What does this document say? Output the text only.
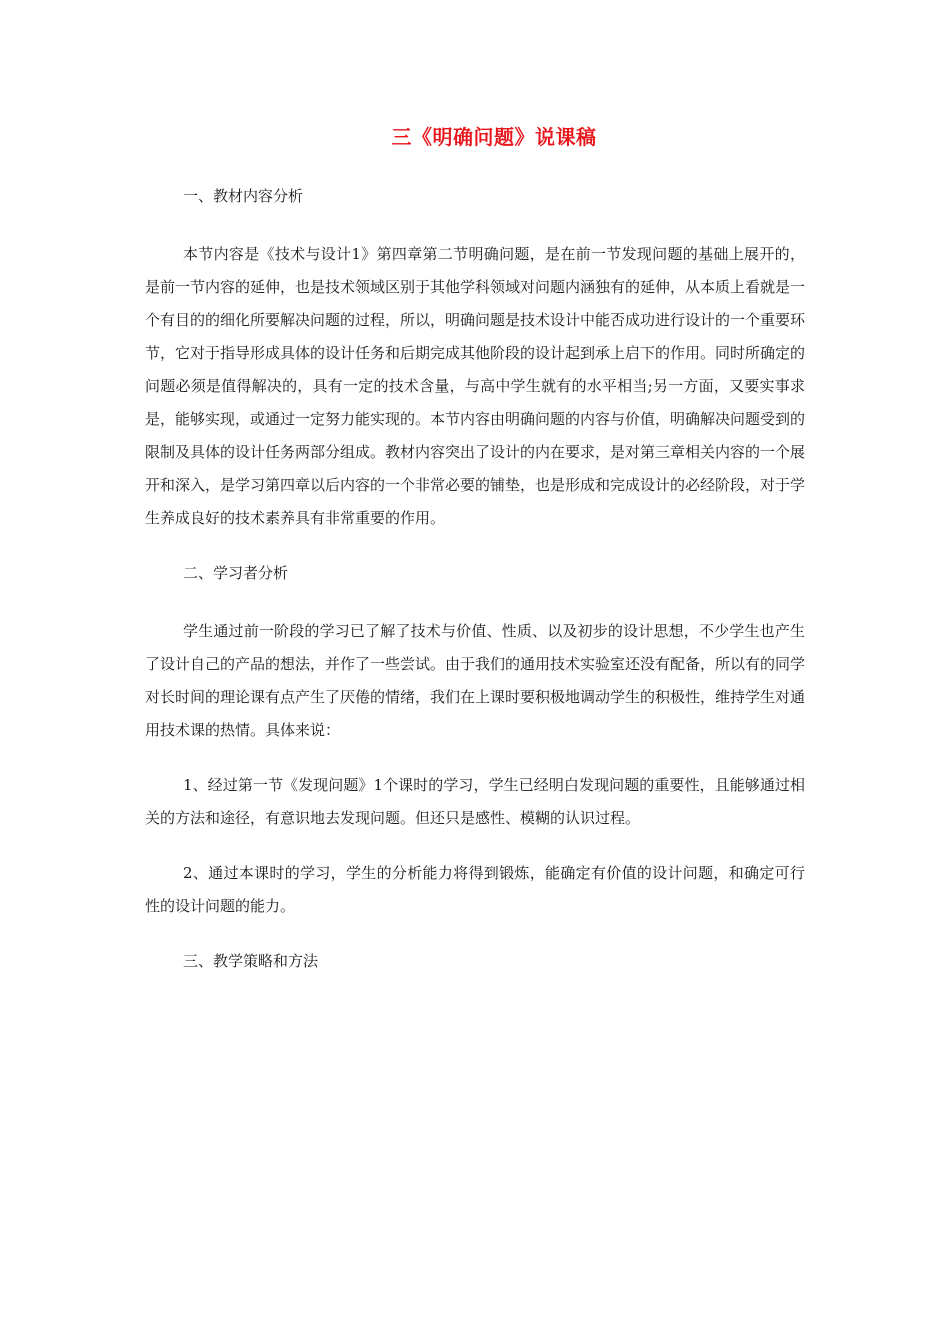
三《明确问题》说课稿

一、教材内容分析

本节内容是《技术与设计1》第四章第二节明确问题，是在前一节发现问题的基础上展开的，是前一节内容的延伸，也是技术领域区别于其他学科领域对问题内涵独有的延伸，从本质上看就是一个有目的的细化所要解决问题的过程，所以，明确问题是技术设计中能否成功进行设计的一个重要环节，它对于指导形成具体的设计任务和后期完成其他阶段的设计起到承上启下的作用。同时所确定的问题必须是值得解决的，具有一定的技术含量，与高中学生就有的水平相当;另一方面，又要实事求是，能够实现，或通过一定努力能实现的。本节内容由明确问题的内容与价值，明确解决问题受到的限制及具体的设计任务两部分组成。教材内容突出了设计的内在要求，是对第三章相关内容的一个展开和深入，是学习第四章以后内容的一个非常必要的铺垫，也是形成和完成设计的必经阶段，对于学生养成良好的技术素养具有非常重要的作用。

二、学习者分析

学生通过前一阶段的学习已了解了技术与价值、性质、以及初步的设计思想，不少学生也产生了设计自己的产品的想法，并作了一些尝试。由于我们的通用技术实验室还没有配备，所以有的同学对长时间的理论课有点产生了厌倦的情绪，我们在上课时要积极地调动学生的积极性，维持学生对通用技术课的热情。具体来说：

1、经过第一节《发现问题》1个课时的学习，学生已经明白发现问题的重要性，且能够通过相关的方法和途径，有意识地去发现问题。但还只是感性、模糊的认识过程。

2、通过本课时的学习，学生的分析能力将得到锻炼，能确定有价值的设计问题，和确定可行性的设计问题的能力。

三、教学策略和方法
